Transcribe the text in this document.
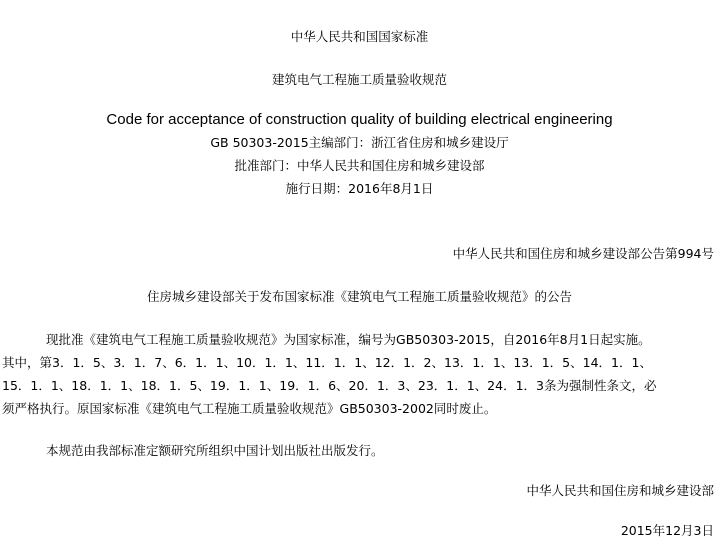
中华人民共和国国家标准
建筑电气工程施工质量验收规范
Code for acceptance of construction quality of building electrical engineering
GB 50303-2015主编部门：浙江省住房和城乡建设厅
批准部门：中华人民共和国住房和城乡建设部
施行日期：2016年8月1日
中华人民共和国住房和城乡建设部公告第994号
住房城乡建设部关于发布国家标准《建筑电气工程施工质量验收规范》的公告
现批准《建筑电气工程施工质量验收规范》为国家标准，编号为GB50303-2015，自2016年8月1日起实施。
其中，第3．1．5、3．1．7、6．1．1、10．1．1、11．1．1、12．1．2、13．1．1、13．1．5、14．1．1、
15．1．1、18．1．1、18．1．5、19．1．1、19．1．6、20．1．3、23．1．1、24．1．3条为强制性条文，必
须严格执行。原国家标准《建筑电气工程施工质量验收规范》GB50303-2002同时废止。
本规范由我部标准定额研究所组织中国计划出版社出版发行。
中华人民共和国住房和城乡建设部
2015年12月3日
